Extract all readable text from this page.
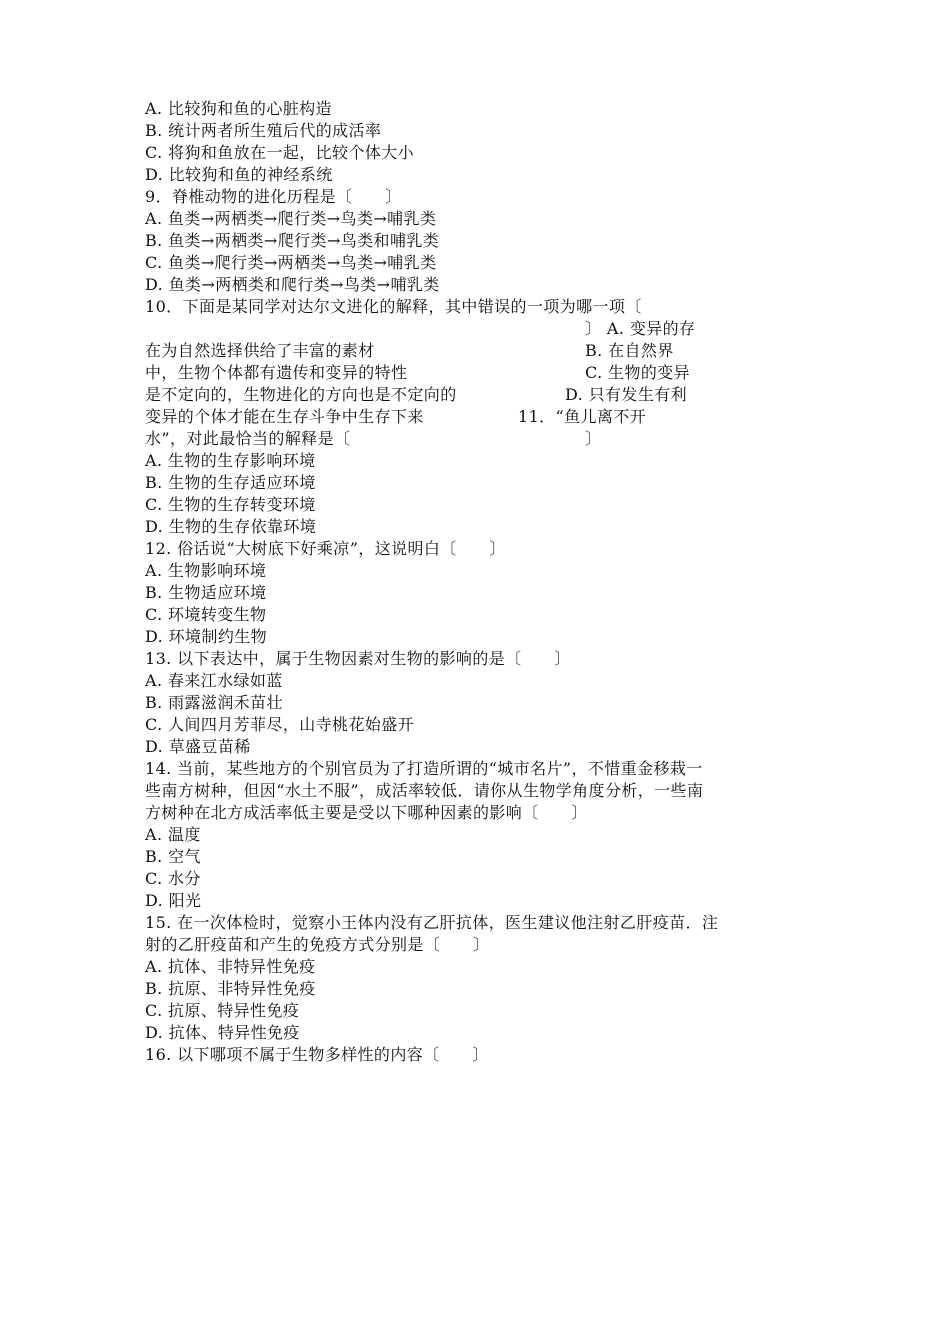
A. 比较狗和鱼的心脏构造
B. 统计两者所生殖后代的成活率
C. 将狗和鱼放在一起，比较个体大小
D. 比较狗和鱼的神经系统
9．脊椎动物的进化历程是〔　　〕
A. 鱼类→两栖类→爬行类→鸟类→哺乳类
B. 鱼类→两栖类→爬行类→鸟类和哺乳类
C. 鱼类→爬行类→两栖类→鸟类→哺乳类
D. 鱼类→两栖类和爬行类→鸟类→哺乳类
10．下面是某同学对达尔文进化的解释，其中错误的一项为哪一项〔
〕 A. 变异的存
在为自然选择供给了丰富的素材	B. 在自然界
中，生物个体都有遗传和变异的特性	C. 生物的变异
是不定向的，生物进化的方向也是不定向的	D. 只有发生有利
变异的个体才能在生存斗争中生存下来	11．“鱼儿离不开
水”，对此最恰当的解释是〔	〕
A. 生物的生存影响环境
B. 生物的生存适应环境
C. 生物的生存转变环境
D. 生物的生存依靠环境
12. 俗话说“大树底下好乘凉”，这说明白〔　　〕
A. 生物影响环境
B. 生物适应环境
C. 环境转变生物
D. 环境制约生物
13. 以下表达中，属于生物因素对生物的影响的是〔　　〕
A. 春来江水绿如蓝
B. 雨露滋润禾苗壮
C. 人间四月芳菲尽，山寺桃花始盛开
D. 草盛豆苗稀
14. 当前，某些地方的个别官员为了打造所谓的“城市名片”，不惜重金移栽一
些南方树种，但因“水土不服”，成活率较低．请你从生物学角度分析，一些南
方树种在北方成活率低主要是受以下哪种因素的影响〔　　〕
A. 温度
B. 空气
C. 水分
D. 阳光
15. 在一次体检时，觉察小王体内没有乙肝抗体，医生建议他注射乙肝疫苗．注
射的乙肝疫苗和产生的免疫方式分别是〔　　〕
A. 抗体、非特异性免疫
B. 抗原、非特异性免疫
C. 抗原、特异性免疫
D. 抗体、特异性免疫
16. 以下哪项不属于生物多样性的内容〔　　〕
